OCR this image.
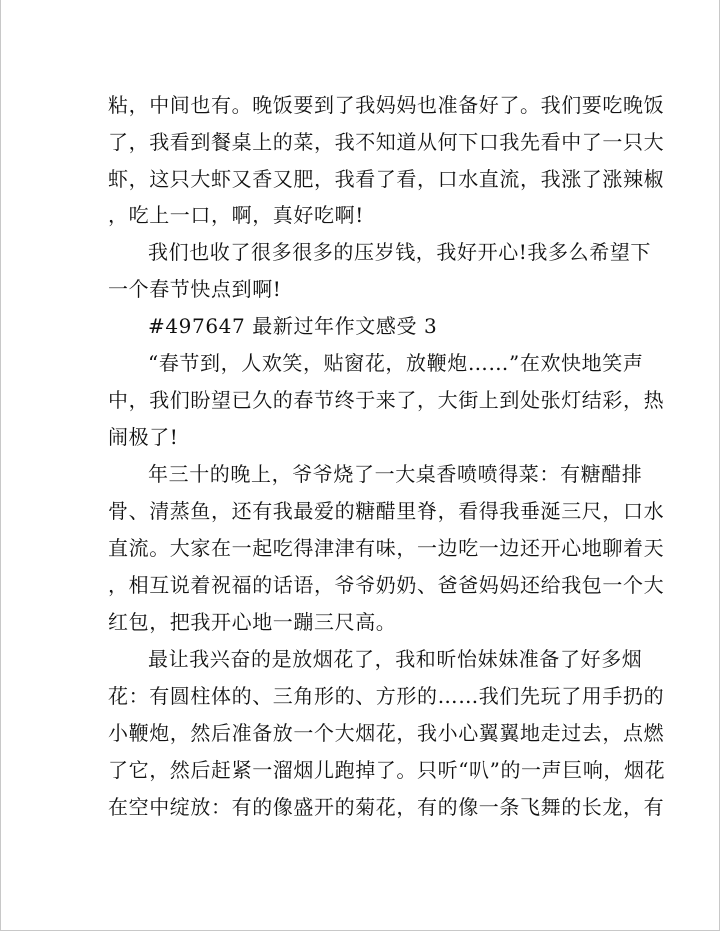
粘，中间也有。晚饭要到了我妈妈也准备好了。我们要吃晚饭
了，我看到餐桌上的菜，我不知道从何下口我先看中了一只大
虾，这只大虾又香又肥，我看了看，口水直流，我涨了涨辣椒
，吃上一口，啊，真好吃啊!
我们也收了很多很多的压岁钱，我好开心!我多么希望下
一个春节快点到啊!
#497647 最新过年作文感受 3
“春节到，人欢笑，贴窗花，放鞭炮……”在欢快地笑声
中，我们盼望已久的春节终于来了，大街上到处张灯结彩，热
闹极了!
年三十的晚上，爷爷烧了一大桌香喷喷得菜：有糖醋排
骨、清蒸鱼，还有我最爱的糖醋里脊，看得我垂涎三尺，口水
直流。大家在一起吃得津津有味，一边吃一边还开心地聊着天
，相互说着祝福的话语，爷爷奶奶、爸爸妈妈还给我包一个大
红包，把我开心地一蹦三尺高。
最让我兴奋的是放烟花了，我和昕怡妹妹准备了好多烟
花：有圆柱体的、三角形的、方形的……我们先玩了用手扔的
小鞭炮，然后准备放一个大烟花，我小心翼翼地走过去，点燃
了它，然后赶紧一溜烟儿跑掉了。只听“叭”的一声巨响，烟花
在空中绽放：有的像盛开的菊花，有的像一条飞舞的长龙，有
